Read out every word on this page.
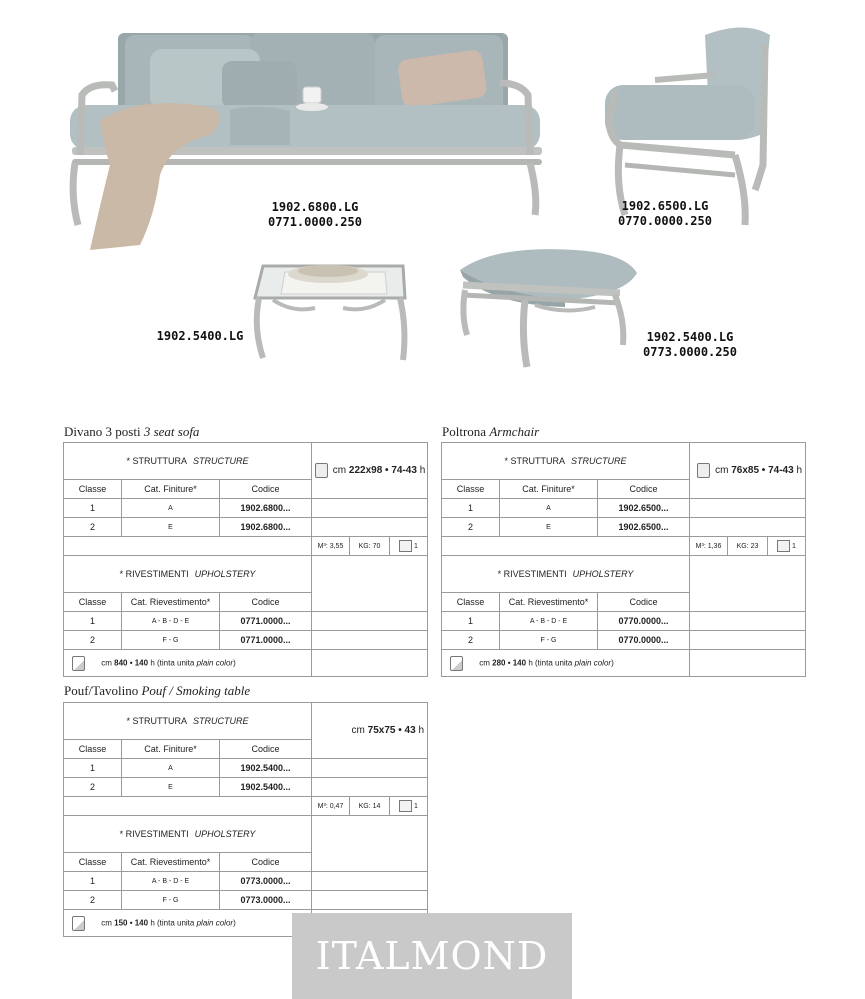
1902.6800.LG
0771.0000.250
1902.6500.LG
0770.0000.250
1902.5400.LG	1902.5400.LG
0773.0000.250
Divano 3 posti 3 seat sofa
* STRUTTURA STRUCTURE			cm 222x98 • 74-43 h		
Classe	Cat. Finiture*	Codice			
1	A	1902.6800...			
2	E	1902.6800...			
			M³: 3,55	KG: 70	1
* RIVESTIMENTI UPHOLSTERY					
Classe	Cat. Rievestimento*	Codice			
1	A - B - D - E	0771.0000...			
2	F - G	0771.0000...			
cm 840 • 140 h (tinta unita plain color)					
Poltrona Armchair
* STRUTTURA STRUCTURE			cm 76x85 • 74-43 h		
Classe	Cat. Finiture*	Codice			
1	A	1902.6500...			
2	E	1902.6500...			
			M³: 1,36	KG: 23	1
* RIVESTIMENTI UPHOLSTERY					
Classe	Cat. Rievestimento*	Codice			
1	A - B - D - E	0770.0000...			
2	F - G	0770.0000...			
cm 280 • 140 h (tinta unita plain color)					
Pouf/Tavolino Pouf / Smoking table
* STRUTTURA STRUCTURE			cm 75x75 • 43 h		
Classe	Cat. Finiture*	Codice			
1	A	1902.5400...			
2	E	1902.5400...			
			M³: 0,47	KG: 14	1
* RIVESTIMENTI UPHOLSTERY					
Classe	Cat. Rievestimento*	Codice			
1	A - B - D - E	0773.0000...			
2	F - G	0773.0000...			
cm 150 • 140 h (tinta unita plain color)					
ITALMOND
